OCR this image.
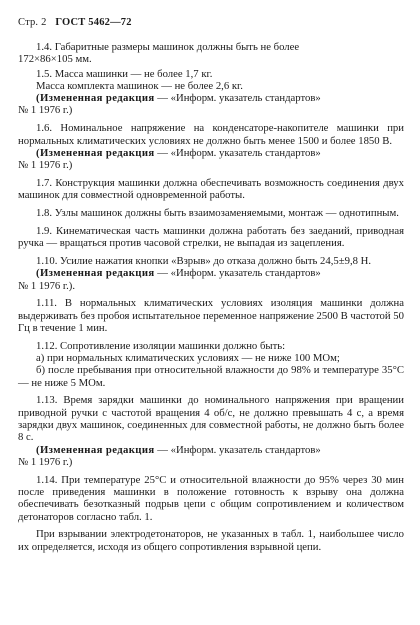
Стр. 2 ГОСТ 5462—72

1.4. Габаритные размеры машинок должны быть не более

172×86×105 мм.

1.5. Масса машинки — не более 1,7 кг.

Масса комплекта машинок — не более 2,6 кг.

(Измененная редакция — «Информ. указатель стандартов»

№ 1 1976 г.)

1.6. Номинальное напряжение на конденсаторе-накопителе машинки при нормальных климатических условиях не должно быть менее 1500 и более 1850 В.

(Измененная редакция — «Информ. указатель стандартов»

№ 1 1976 г.)

1.7. Конструкция машинки должна обеспечивать возможность соединения двух машинок для совместной одновременной работы.

1.8. Узлы машинок должны быть взаимозаменяемыми, монтаж — однотипным.

1.9. Кинематическая часть машинки должна работать без заеданий, приводная ручка — вращаться против часовой стрелки, не выпадая из зацепления.

1.10. Усилие нажатия кнопки «Взрыв» до отказа должно быть 24,5±9,8 Н.

(Измененная редакция — «Информ. указатель стандартов»

№ 1 1976 г.).

1.11. В нормальных климатических условиях изоляция машинки должна выдерживать без пробоя испытательное переменное напряжение 2500 В частотой 50 Гц в течение 1 мин.

1.12. Сопротивление изоляции машинки должно быть:

а) при нормальных климатических условиях — не ниже 100 МОм;

б) после пребывания при относительной влажности до 98% и температуре 35°С — не ниже 5 МОм.

1.13. Время зарядки машинки до номинального напряжения при вращении приводной ручки с частотой вращения 4 об/с, не должно превышать 4 с, а время зарядки двух машинок, соединенных для совместной работы, не должно быть более 8 с.

(Измененная редакция — «Информ. указатель стандартов»

№ 1 1976 г.)

1.14. При температуре 25°С и относительной влажности до 95% через 30 мин после приведения машинки в положение готовность к взрыву она должна обеспечивать безотказный подрыв цепи с общим сопротивлением и количеством детонаторов согласно табл. 1.

При взрывании электродетонаторов, не указанных в табл. 1, наибольшее число их определяется, исходя из общего сопротивления взрывной цепи.
